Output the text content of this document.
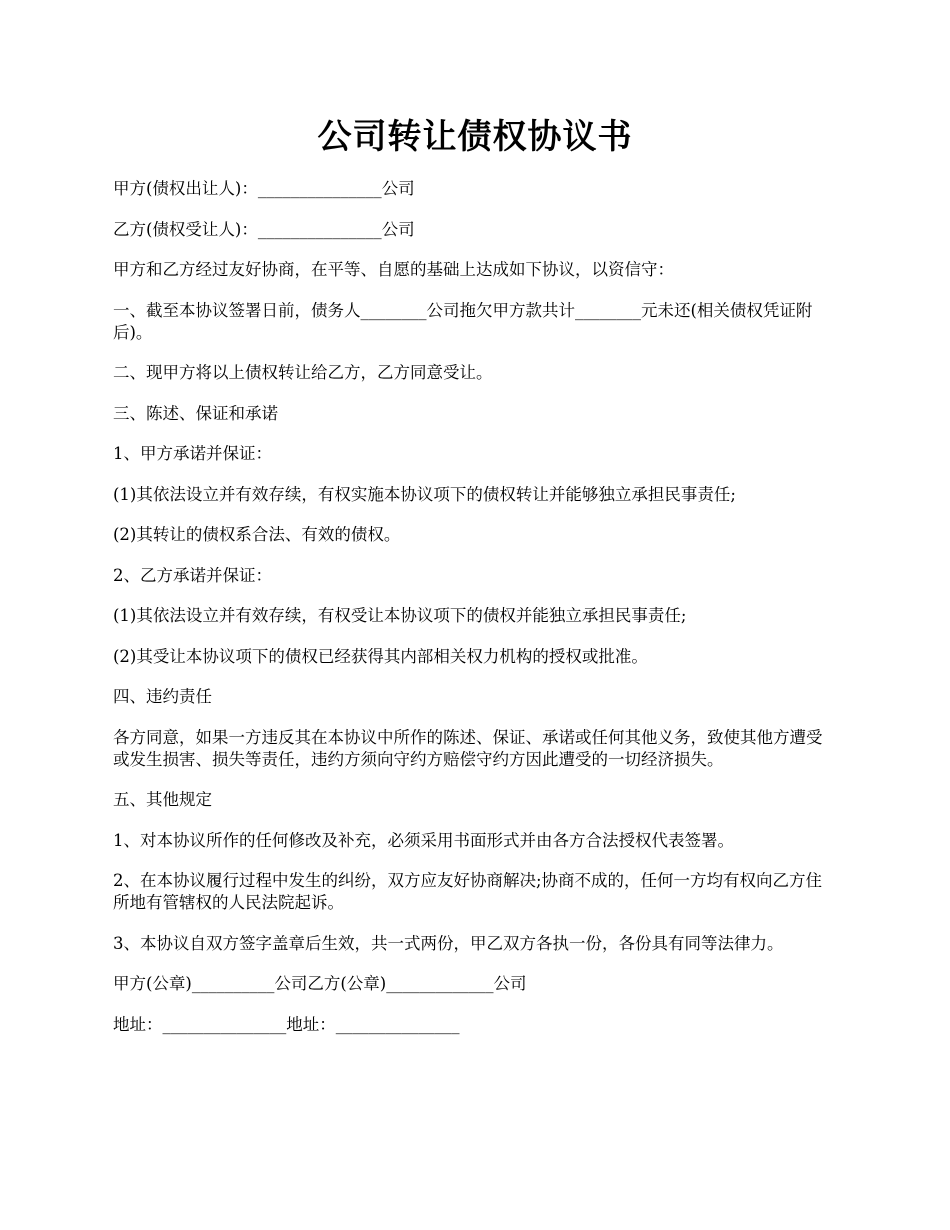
公司转让债权协议书

甲方(债权出让人)：_______________公司

乙方(债权受让人)：_______________公司

甲方和乙方经过友好协商，在平等、自愿的基础上达成如下协议，以资信守：

一、截至本协议签署日前，债务人________公司拖欠甲方款共计________元未还(相关债权凭证附后)。

二、现甲方将以上债权转让给乙方，乙方同意受让。

三、陈述、保证和承诺

1、甲方承诺并保证：

(1)其依法设立并有效存续，有权实施本协议项下的债权转让并能够独立承担民事责任;

(2)其转让的债权系合法、有效的债权。

2、乙方承诺并保证：

(1)其依法设立并有效存续，有权受让本协议项下的债权并能独立承担民事责任;

(2)其受让本协议项下的债权已经获得其内部相关权力机构的授权或批准。

四、违约责任

各方同意，如果一方违反其在本协议中所作的陈述、保证、承诺或任何其他义务，致使其他方遭受或发生损害、损失等责任，违约方须向守约方赔偿守约方因此遭受的一切经济损失。

五、其他规定

1、对本协议所作的任何修改及补充，必须采用书面形式并由各方合法授权代表签署。

2、在本协议履行过程中发生的纠纷，双方应友好协商解决;协商不成的，任何一方均有权向乙方住所地有管辖权的人民法院起诉。

3、本协议自双方签字盖章后生效，共一式两份，甲乙双方各执一份，各份具有同等法律力。

甲方(公章)__________公司乙方(公章)_____________公司

地址：_______________地址：_______________
